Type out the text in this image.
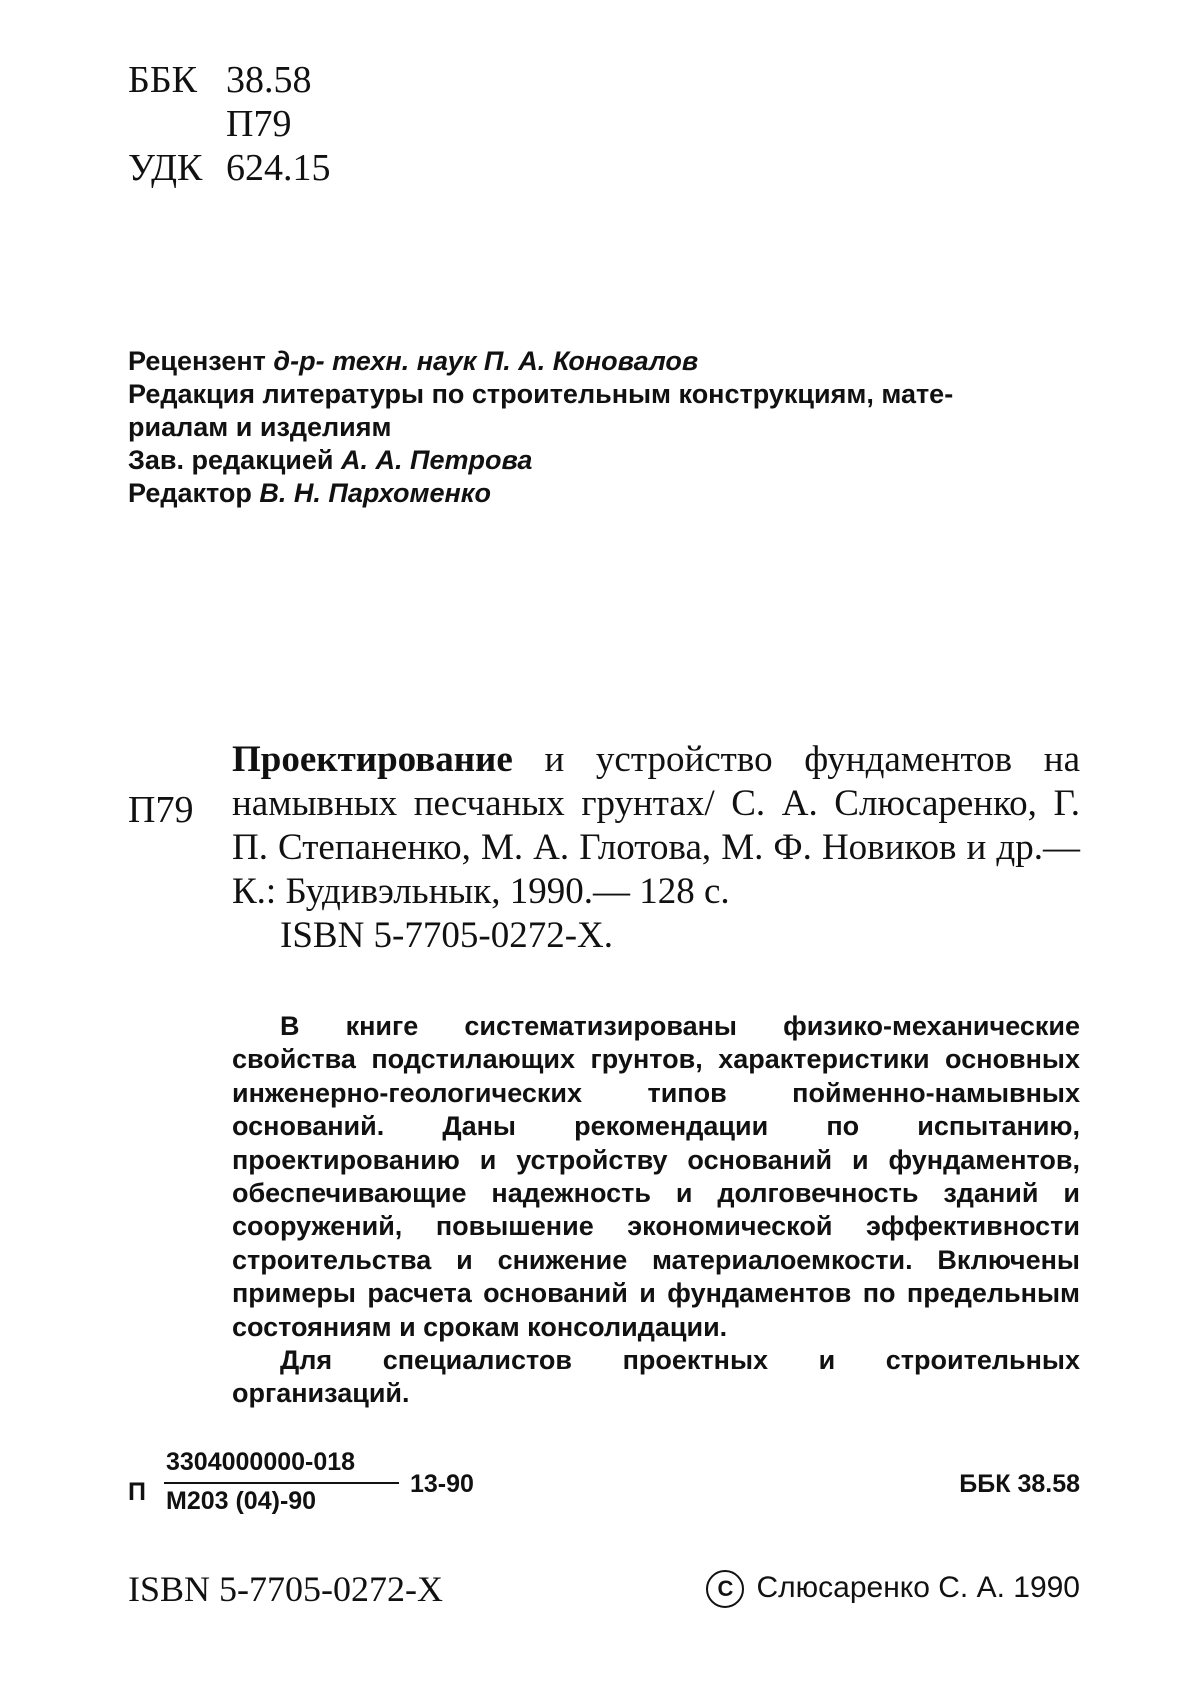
ББК 38.58
П79
УДК 624.15
Рецензент д-р- техн. наук П. А. Коновалов
Редакция литературы по строительным конструкциям, мате-
риалам и изделиям
Зав. редакцией А. А. Петрова
Редактор В. Н. Пархоменко
П79
Проектирование и устройство фундаментов на намывных песчаных грунтах/ С. А. Слюсаренко, Г. П. Степаненко, М. А. Глотова, М. Ф. Новиков и др.— К.: Будивэльнык, 1990.— 128 с.
ISBN 5-7705-0272-Х.

В книге систематизированы физико-механические свойства подстилающих грунтов, характеристики основных инженерно-геологических типов пойменно-намывных оснований. Даны рекомендации по испытанию, проектированию и устройству оснований и фундаментов, обеспечивающие надежность и долговечность зданий и сооружений, повышение экономической эффективности строительства и снижение материалоемкости. Включены примеры расчета оснований и фундаментов по предельным состояниям и срокам консолидации.

Для специалистов проектных и строительных организаций.

П
3304000000-018
М203 (04)-90
13-90	ББК 38.58
ISBN 5-7705-0272-Х	C Слюсаренко С. А. 1990
